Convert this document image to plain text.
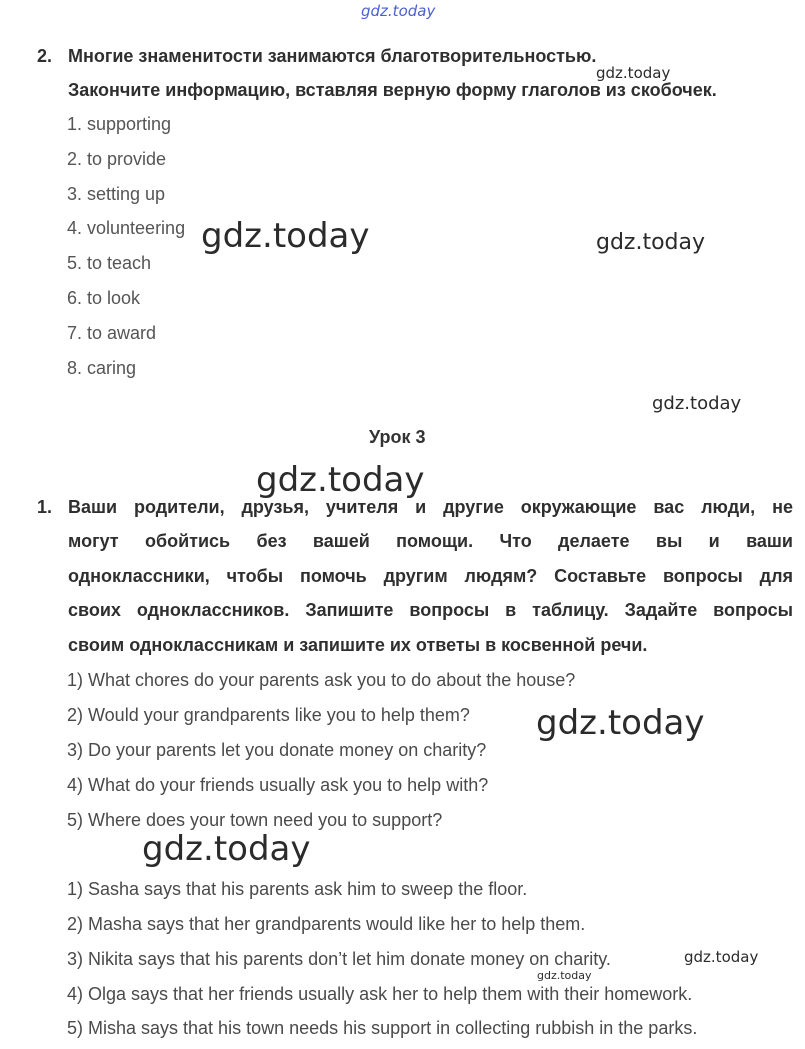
gdz.today
2. Многие знаменитости занимаются благотворительностью.
Закончите информацию, вставляя верную форму глаголов из скобочек.
1. supporting
2. to provide
3. setting up
4. volunteering
5. to teach
6. to look
7. to award
8. caring
Урок 3
1. Ваши родители, друзья, учителя и другие окружающие вас люди, не
могут обойтись без вашей помощи. Что делаете вы и ваши
одноклассники, чтобы помочь другим людям? Составьте вопросы для
своих одноклассников. Запишите вопросы в таблицу. Задайте вопросы
своим одноклассникам и запишите их ответы в косвенной речи.
1) What chores do your parents ask you to do about the house?
2) Would your grandparents like you to help them?
3) Do your parents let you donate money on charity?
4) What do your friends usually ask you to help with?
5) Where does your town need you to support?
1) Sasha says that his parents ask him to sweep the floor.
2) Masha says that her grandparents would like her to help them.
3) Nikita says that his parents don’t let him donate money on charity.
4) Olga says that her friends usually ask her to help them with their homework.
5) Misha says that his town needs his support in collecting rubbish in the parks.
gdz.today
gdz.today	gdz.today
gdz.today
gdz.today
gdz.today
gdz.today
gdz.today
gdz.today
